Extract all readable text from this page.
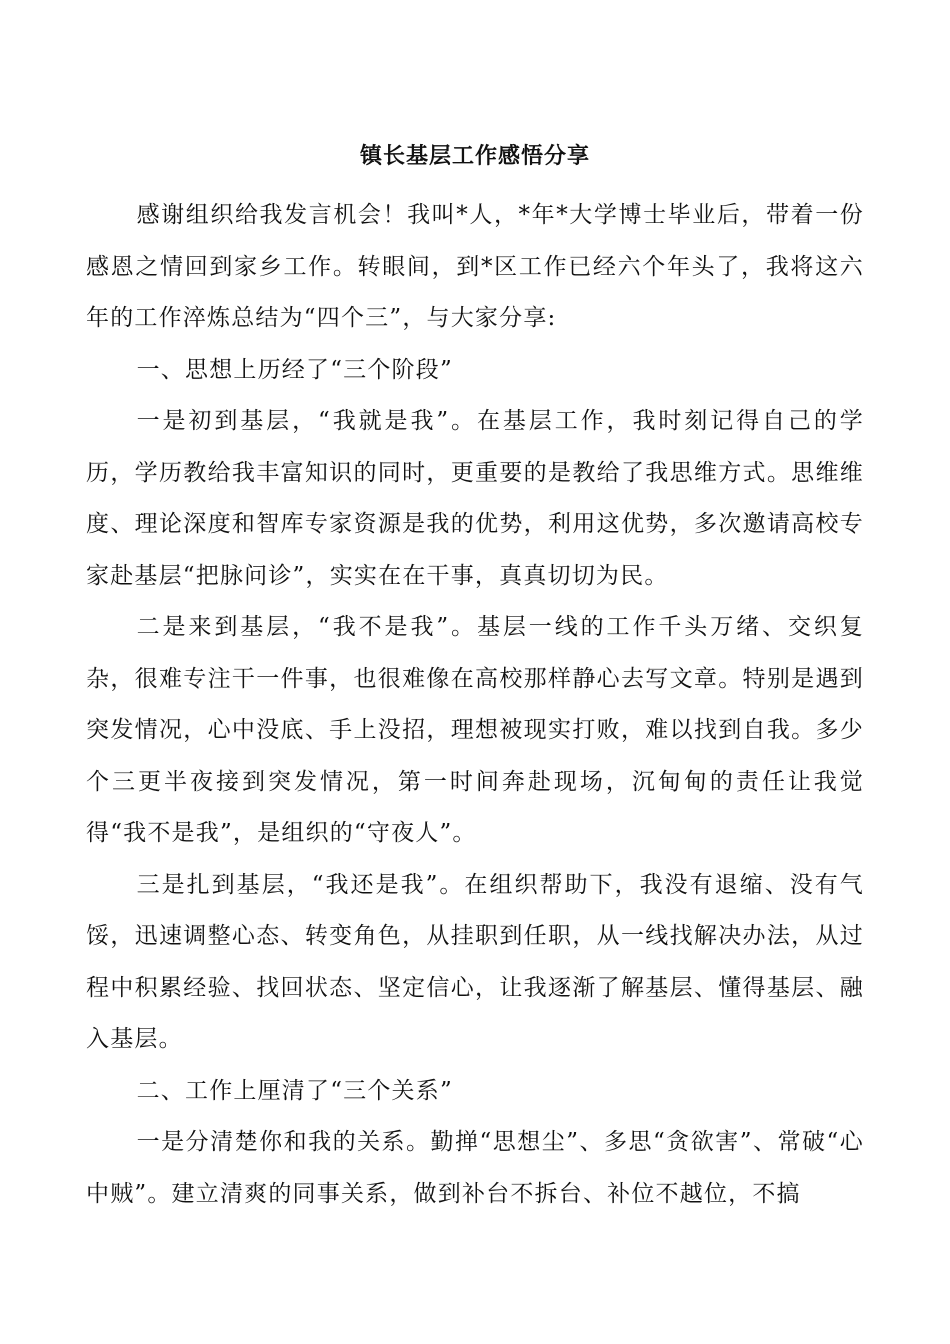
镇长基层工作感悟分享

感谢组织给我发言机会！我叫*人，*年*大学博士毕业后，带着一份感恩之情回到家乡工作。转眼间，到*区工作已经六个年头了，我将这六年的工作淬炼总结为“四个三”，与大家分享:

一、思想上历经了“三个阶段”

一是初到基层，“我就是我”。在基层工作，我时刻记得自己的学历，学历教给我丰富知识的同时，更重要的是教给了我思维方式。思维维度、理论深度和智库专家资源是我的优势，利用这优势，多次邀请高校专家赴基层“把脉问诊”，实实在在干事，真真切切为民。

二是来到基层，“我不是我”。基层一线的工作千头万绪、交织复杂，很难专注干一件事，也很难像在高校那样静心去写文章。特别是遇到突发情况，心中没底、手上没招，理想被现实打败，难以找到自我。多少个三更半夜接到突发情况，第一时间奔赴现场，沉甸甸的责任让我觉得“我不是我”，是组织的“守夜人”。

三是扎到基层，“我还是我”。在组织帮助下，我没有退缩、没有气馁，迅速调整心态、转变角色，从挂职到任职，从一线找解决办法，从过程中积累经验、找回状态、坚定信心，让我逐渐了解基层、懂得基层、融入基层。

二、工作上厘清了“三个关系”

一是分清楚你和我的关系。勤掸“思想尘”、多思“贪欲害”、常破“心中贼”。建立清爽的同事关系，做到补台不拆台、补位不越位，不搞
